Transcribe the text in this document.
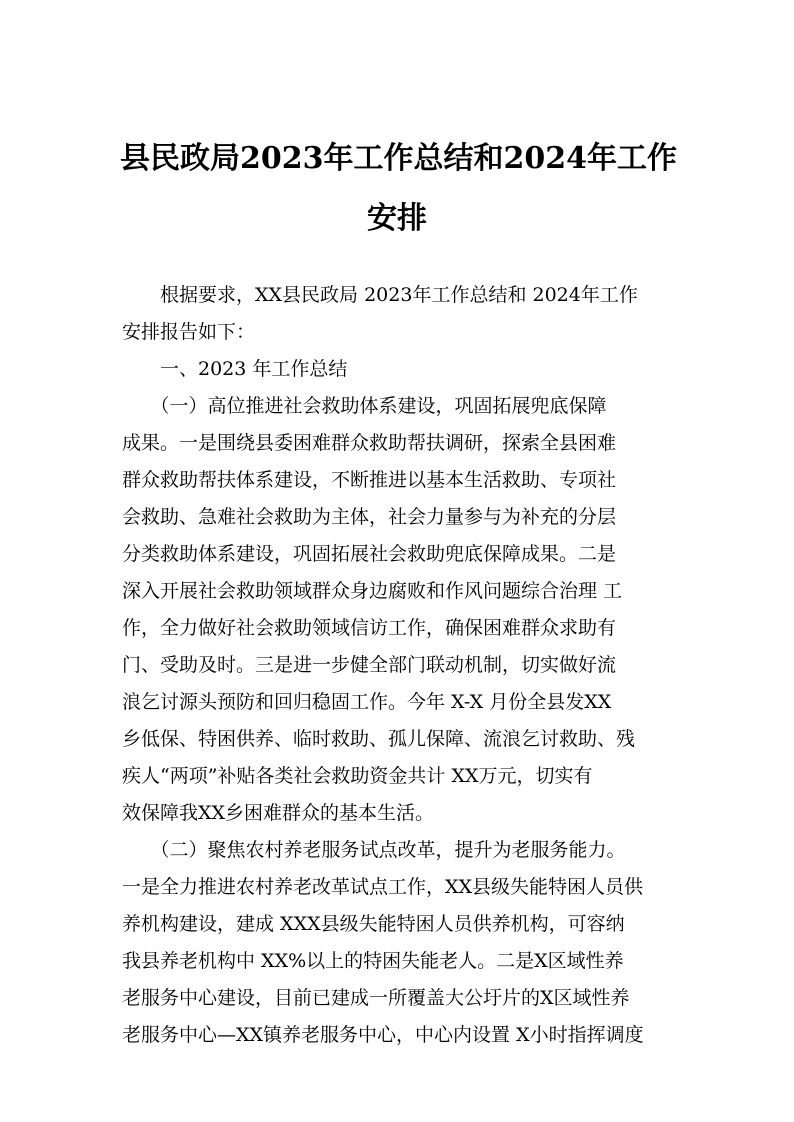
县民政局2023年工作总结和2024年工作
安排
　　根据要求，XX县民政局 2023年工作总结和 2024年工作
安排报告如下：
　　一、2023 年工作总结
　　（一）高位推进社会救助体系建设，巩固拓展兜底保障
成果。一是围绕县委困难群众救助帮扶调研，探索全县困难
群众救助帮扶体系建设，不断推进以基本生活救助、专项社
会救助、急难社会救助为主体，社会力量参与为补充的分层
分类救助体系建设，巩固拓展社会救助兜底保障成果。二是
深入开展社会救助领域群众身边腐败和作风问题综合治理 工
作，全力做好社会救助领域信访工作，确保困难群众求助有
门、受助及时。三是进一步健全部门联动机制，切实做好流
浪乞讨源头预防和回归稳固工作。今年 X-X 月份全县发XX
乡低保、特困供养、临时救助、孤儿保障、流浪乞讨救助、残
疾人“两项”补贴各类社会救助资金共计 XX万元，切实有
效保障我XX乡困难群众的基本生活。
　　（二）聚焦农村养老服务试点改革，提升为老服务能力。
一是全力推进农村养老改革试点工作，XX县级失能特困人员供
养机构建设，建成 XXX县级失能特困人员供养机构，可容纳
我县养老机构中 XX%以上的特困失能老人。二是X区域性养
老服务中心建设，目前已建成一所覆盖大公圩片的X区域性养
老服务中心—XX镇养老服务中心，中心内设置 X小时指挥调度
